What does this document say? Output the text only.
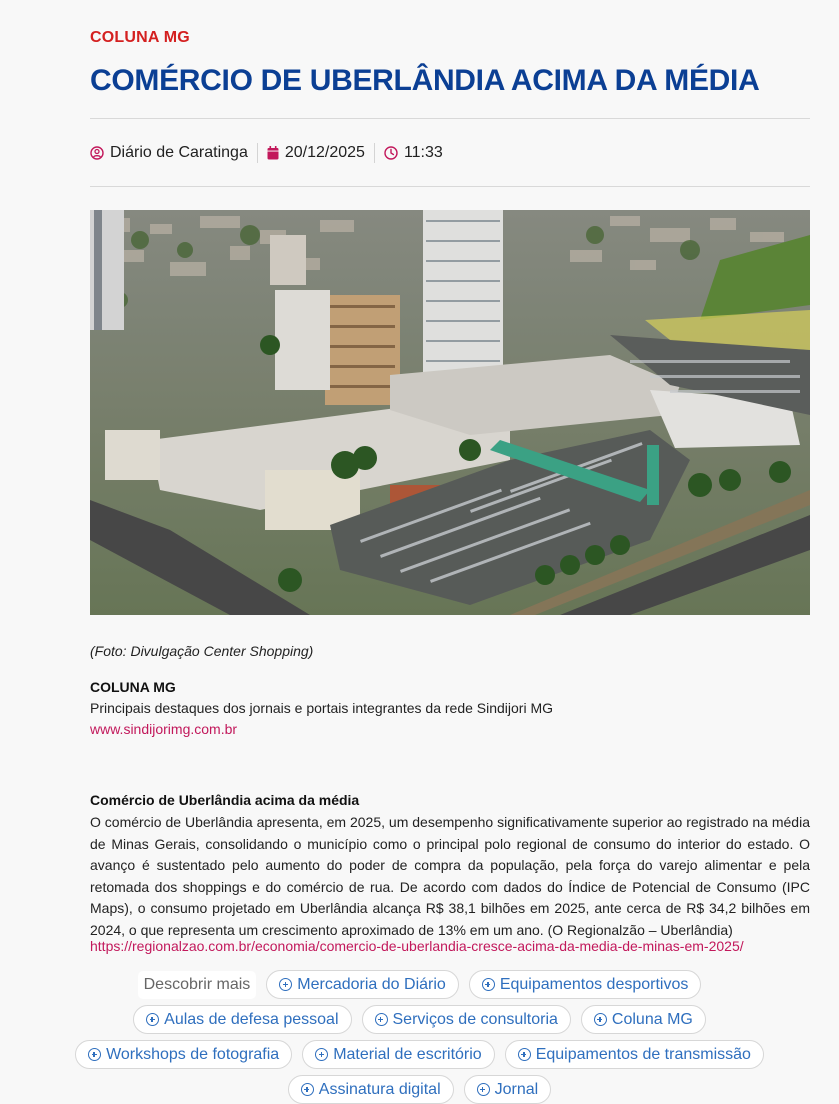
COLUNA MG
COMÉRCIO DE UBERLÂNDIA ACIMA DA MÉDIA
Diário de Caratinga 20/12/2025 11:33
(Foto: Divulgação Center Shopping)
COLUNA MG
Principais destaques dos jornais e portais integrantes da rede Sindijori MG
www.sindijorimg.com.br
Comércio de Uberlândia acima da média

O comércio de Uberlândia apresenta, em 2025, um desempenho significativamente superior ao registrado na média de Minas Gerais, consolidando o município como o principal polo regional de consumo do interior do estado. O avanço é sustentado pelo aumento do poder de compra da população, pela força do varejo alimentar e pela retomada dos shoppings e do comércio de rua. De acordo com dados do Índice de Potencial de Consumo (IPC Maps), o consumo projetado em Uberlândia alcança R$ 38,1 bilhões em 2025, ante cerca de R$ 34,2 bilhões em 2024, o que representa um crescimento aproximado de 13% em um ano. (O Regionalzão – Uberlândia)

https://regionalzao.com.br/economia/comercio-de-uberlandia-cresce-acima-da-media-de-minas-em-2025/
Descobrir mais	Mercadoria do Diário	Equipamentos desportivos
Aulas de defesa pessoal	Serviços de consultoria	Coluna MG
Workshops de fotografia	Material de escritório	Equipamentos de transmissão
Assinatura digital	Jornal
